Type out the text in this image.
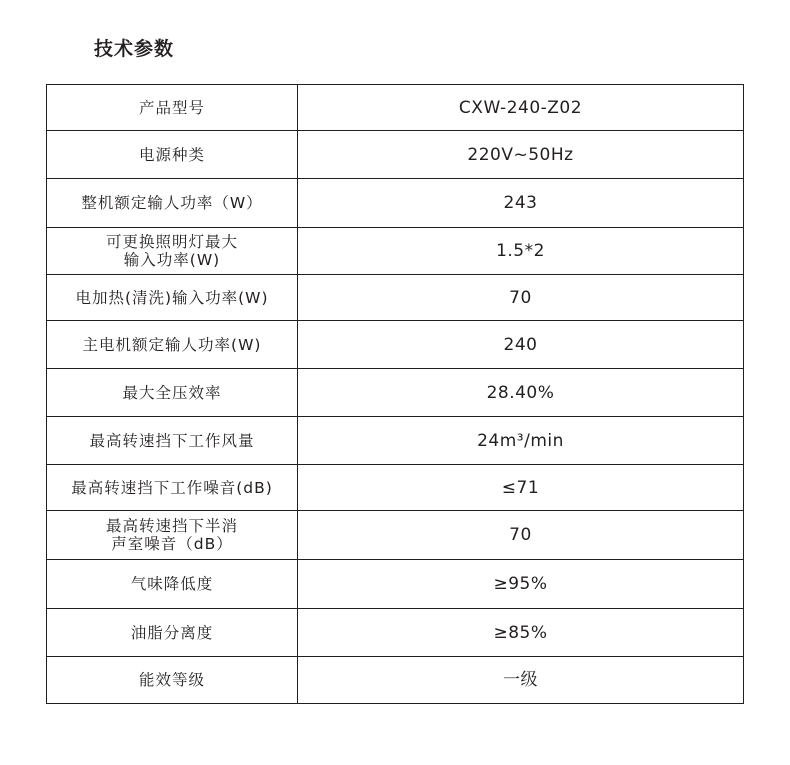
技术参数
产品型号	CXW-240-Z02
电源种类	220V~50Hz
整机额定输人功率（W）	243

可更换照明灯最大
输入功率(W)	1.5*2
电加热(清洗)输入功率(W)	70
主电机额定输人功率(W)	240
最大全压效率	28.40%
最高转速挡下工作风量	24m³/min
最高转速挡下工作噪音(dB)	≤71

最高转速挡下半消
声室噪音（dB）	70
气味降低度	≥95%
油脂分离度	≥85%
能效等级	一级
